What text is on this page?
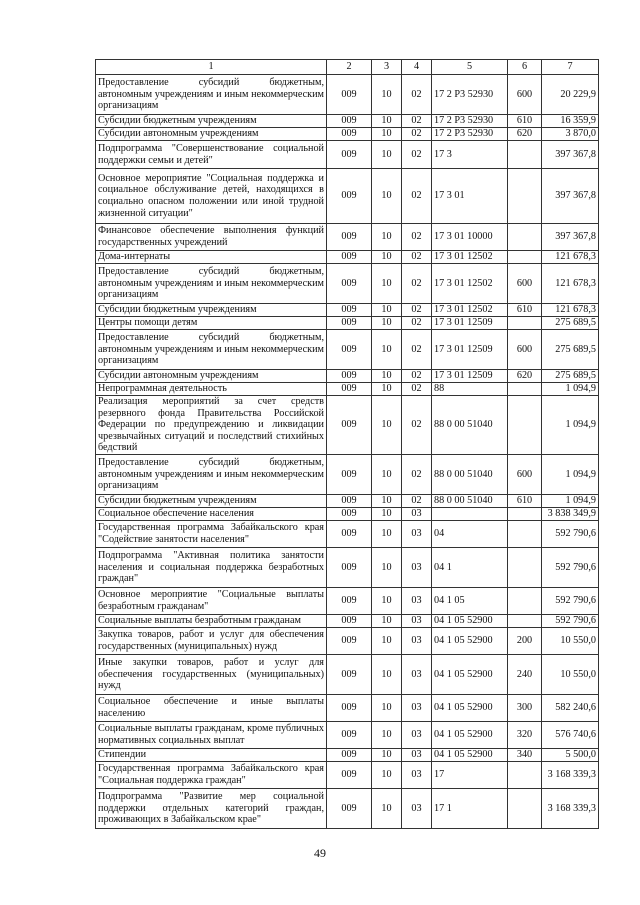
1	2	3	4	5	6	7
Предоставление субсидий бюджетным, автономным учреждениям и иным некоммерческим организациям	009	10	02	17 2 P3 52930	600	20 229,9
Субсидии бюджетным учреждениям	009	10	02	17 2 P3 52930	610	16 359,9
Субсидии автономным учреждениям	009	10	02	17 2 P3 52930	620	3 870,0
Подпрограмма "Совершенствование социальной поддержки семьи и детей"	009	10	02	17 3		397 367,8
Основное мероприятие "Социальная поддержка и социальное обслуживание детей, находящихся в социально опасном положении или иной трудной жизненной ситуации"	009	10	02	17 3 01		397 367,8
Финансовое обеспечение выполнения функций государственных учреждений	009	10	02	17 3 01 10000		397 367,8
Дома-интернаты	009	10	02	17 3 01 12502		121 678,3
Предоставление субсидий бюджетным, автономным учреждениям и иным некоммерческим организациям	009	10	02	17 3 01 12502	600	121 678,3
Субсидии бюджетным учреждениям	009	10	02	17 3 01 12502	610	121 678,3
Центры помощи детям	009	10	02	17 3 01 12509		275 689,5
Предоставление субсидий бюджетным, автономным учреждениям и иным некоммерческим организациям	009	10	02	17 3 01 12509	600	275 689,5
Субсидии автономным учреждениям	009	10	02	17 3 01 12509	620	275 689,5
Непрограммная деятельность	009	10	02	88		1 094,9
Реализация мероприятий за счет средств резервного фонда Правительства Российской Федерации по предупреждению и ликвидации чрезвычайных ситуаций и последствий стихийных бедствий	009	10	02	88 0 00 51040		1 094,9
Предоставление субсидий бюджетным, автономным учреждениям и иным некоммерческим организациям	009	10	02	88 0 00 51040	600	1 094,9
Субсидии бюджетным учреждениям	009	10	02	88 0 00 51040	610	1 094,9
Социальное обеспечение населения	009	10	03			3 838 349,9
Государственная программа Забайкальского края "Содействие занятости населения"	009	10	03	04		592 790,6
Подпрограмма "Активная политика занятости населения и социальная поддержка безработных граждан"	009	10	03	04 1		592 790,6
Основное мероприятие "Социальные выплаты безработным гражданам"	009	10	03	04 1 05		592 790,6
Социальные выплаты безработным гражданам	009	10	03	04 1 05 52900		592 790,6
Закупка товаров, работ и услуг для обеспечения государственных (муниципальных) нужд	009	10	03	04 1 05 52900	200	10 550,0
Иные закупки товаров, работ и услуг для обеспечения государственных (муниципальных) нужд	009	10	03	04 1 05 52900	240	10 550,0
Социальное обеспечение и иные выплаты населению	009	10	03	04 1 05 52900	300	582 240,6
Социальные выплаты гражданам, кроме публичных нормативных социальных выплат	009	10	03	04 1 05 52900	320	576 740,6
Стипендии	009	10	03	04 1 05 52900	340	5 500,0
Государственная программа Забайкальского края "Социальная поддержка граждан"	009	10	03	17		3 168 339,3
Подпрограмма "Развитие мер социальной поддержки отдельных категорий граждан, проживающих в Забайкальском крае"	009	10	03	17 1		3 168 339,3
49
